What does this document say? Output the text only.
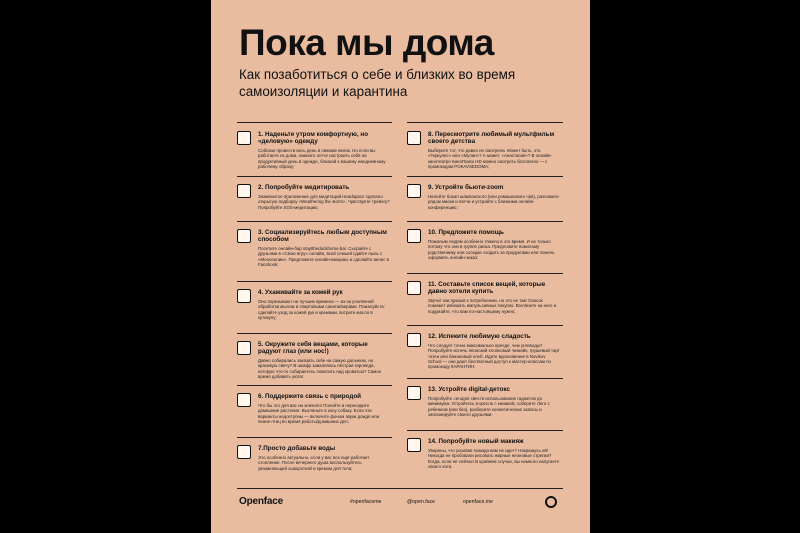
Пока мы дома
Как позаботиться о себе и близких во время самоизоляции и карантина
1. Наденьте утром комфортную, но «деловую» одежду
Соблазн провести весь день в пижаме велик. Но если вы работаете из дома, намного легче настроить себя на продуктивный день в одежде, близкой к вашему ежедневному рабочему образу;
2. Попробуйте медитировать
Знаменитое приложение для медитаций Headspace сделало открытую подборку «Weathering the storm». Чувствуете тревогу? Попробуйте SOS-медитацию;
3. Социализируйтесь любым доступным способом
Посетите онлайн-бар stayttheduckhome.bar. Сыграйте с друзьями в «Свою игру» онлайн, всей семьей сдайте пыль с «Монополии». Предложите онлайн-вакцины и сделайте анонс в Facebook;
4. Ухаживайте за кожей рук
Оно порезывают не лучшие времена — из-за усилённой обработки мылом и спиртовыми санитайзерами. Пожалуйста: сделайте уход за кожей рук и кремами, вотрите масло в кутикулу;
5. Окружите себя вещами, которые радуют глаз (или нос!)
Давно собирались заказать себе на самую дальнюю, но красивую свечу? В шкафу завалялась пёстрая гирлянда, которую что-то собираетесь повесить над кроватью? Самое время добавить уюта!
6. Поддержите связь с природой
Что бы это для вас ни значило! Полейте и пересадите домашние растения. Выгляньте в окну собаку. Если эти варианты недоступны — включите фоном звуки дождя или пение птиц во время работы/домашних дел;
7.Просто добавьте воды
Это особенно актуально, если у вас все ещё работает отопление. После вечернего душа воспользуйтесь увлажняющей сывороткой и кремом для тела;
8. Пересмотрите любимый мультфильм своего детства
Выберите тот, что давно не смотрели. Может быть, это «Геркулес» или «Мулан»? А может, «Анастасия»? В онлайн-кинотеатре КиноПоиск HD можно смотреть бесплатно — с промокодом POKAVSEDOMA;
9. Устройте бьюти-zoom
Налейте бокал шампанского (или ромашкового чая), разложите рядом маски и патчи и устройте с близкими онлайн-конференцию;
10. Предложите помощь
Пожилым людям особенно тяжело в это время. И не только потому что они в группе риска. Предложите пожилому родственнику или соседке сходить за продуктами или помочь оформить онлайн-заказ;
11. Составьте список вещей, которые давно хотели купить
Звучит как призыв к потреблению, но это не так! Список поможет избежать импульсивных покупок. Взгляните на него и подумайте, что вам по-настоящему нужно;
12. Испеките любимую сладость
Что следует точно максимально пречде, чем углеводы? Попробуйте испечь японский хлопковый чизкейк, грушевый тарт татен или банановый хлеб. Идите вдохновение в Novikov School — они дают бесплатный доступ к мастер-классам по промокоду КАРАНТИН;
13. Устройте digital-детокс
Попробуйте сегодня свести использование гаджетов до минимума. Устройтесь в кресле с книжкой, соберите Лего с ребенком (или без), разберите косметические запасы и запланируйте своего друзьями;
14. Попробуйте новый макияж
Уверены, что розовая помада вам не идет? Накрашусь ей! Никогда не пробовали рисовать жирные неоновые стрелки? Когда, если не сейчас! В крайнем случае, вы немного напугаете своего кота.
Openface	#openfaceme	@open.face	openface.me
